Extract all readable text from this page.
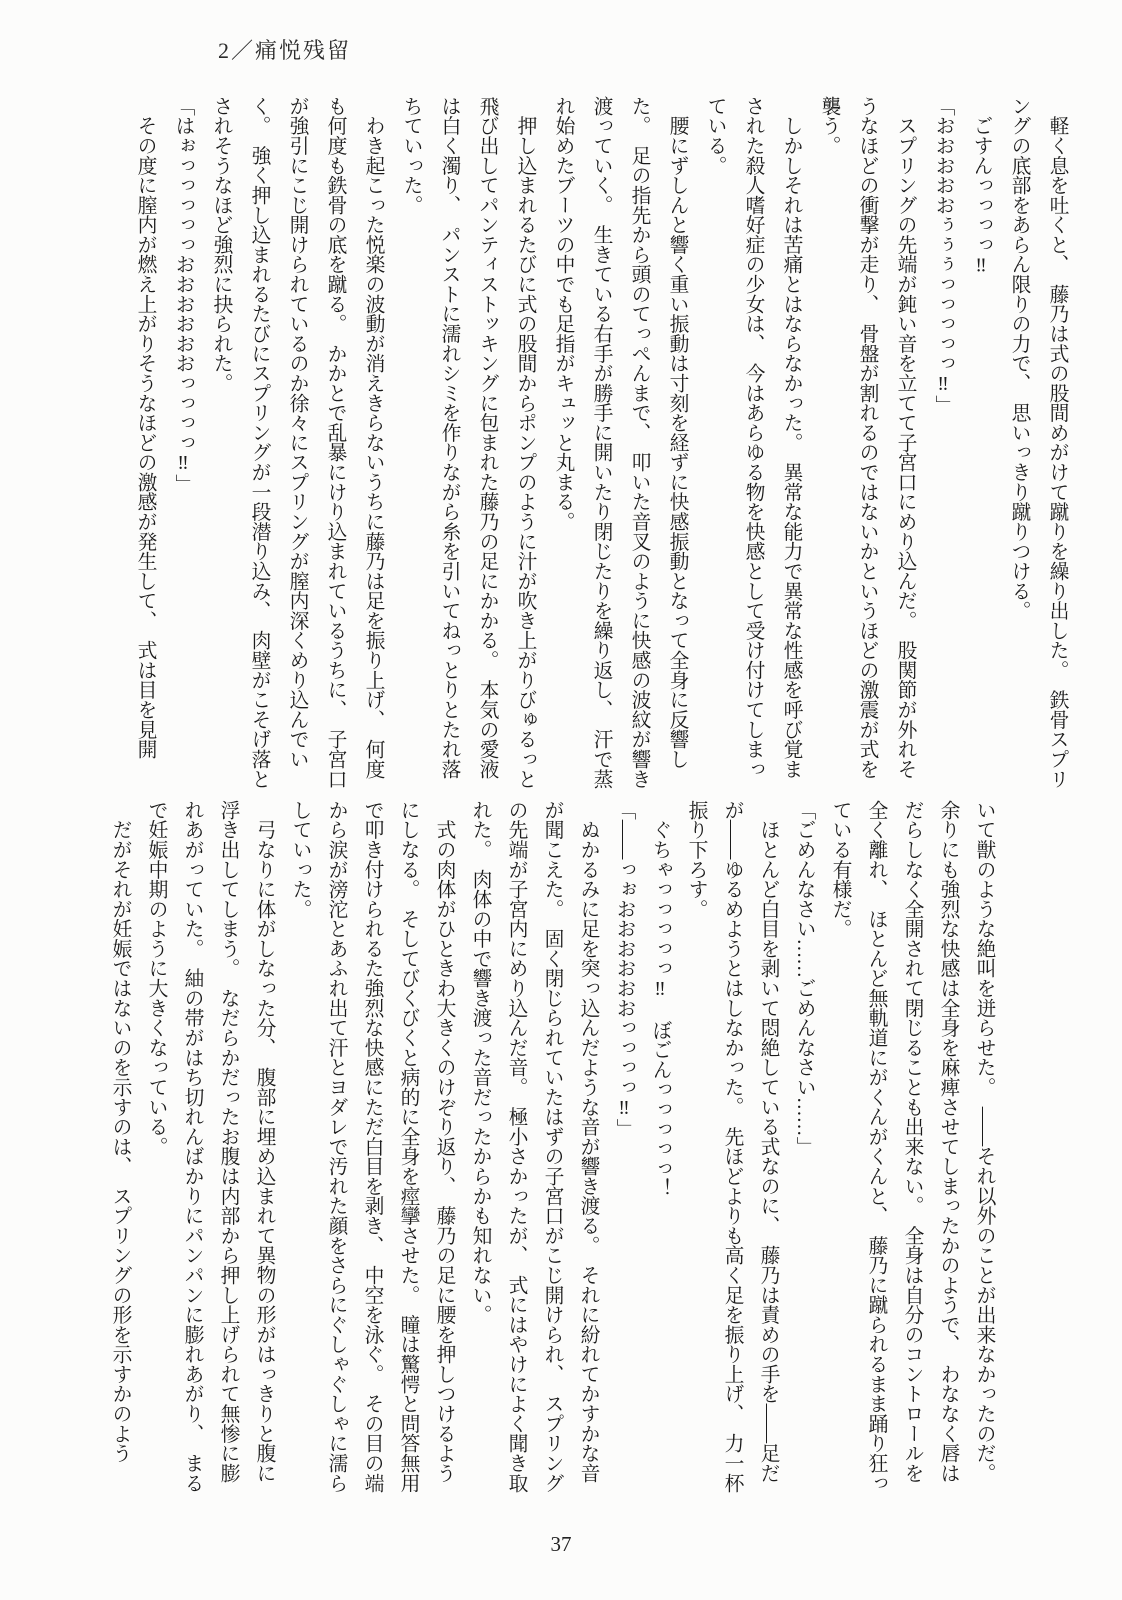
2／痛悦残留

　軽く息を吐くと、　藤乃は式の股間めがけて蹴りを繰り出した。　鉄骨スプリングの底部をあらん限りの力で、　思いっきり蹴りつける。

　ごすんっっっっ‼

「おおおおおぅぅぅっっっっっ‼」

　スプリングの先端が鈍い音を立てて子宮口にめり込んだ。　股関節が外れそうなほどの衝撃が走り、　骨盤が割れるのではないかというほどの激震が式を襲う。

　しかしそれは苦痛とはならなかった。　異常な能力で異常な性感を呼び覚まされた殺人嗜好症の少女は、　今はあらゆる物を快感として受け付けてしまっている。

　腰にずしんと響く重い振動は寸刻を経ずに快感振動となって全身に反響した。　足の指先から頭のてっぺんまで、　叩いた音叉のように快感の波紋が響き渡っていく。　生きている右手が勝手に開いたり閉じたりを繰り返し、　汗で蒸れ始めたブーツの中でも足指がキュッと丸まる。

　押し込まれるたびに式の股間からポンプのように汁が吹き上がりびゅるっと飛び出してパンティストッキングに包まれた藤乃の足にかかる。　本気の愛液は白く濁り、　パンストに濡れシミを作りながら糸を引いてねっとりとたれ落ちていった。

　わき起こった悦楽の波動が消えきらないうちに藤乃は足を振り上げ、　何度も何度も鉄骨の底を蹴る。　かかとで乱暴にけり込まれているうちに、　子宮口が強引にこじ開けられているのか徐々にスプリングが膣内深くめり込んでいく。　強く押し込まれるたびにスプリングが一段潜り込み、　肉壁がこそげ落とされそうなほど強烈に抉られた。

「はぉっっっっっおおおおおおっっっっ‼」

　その度に膣内が燃え上がりそうなほどの激感が発生して、　式は目を見開

いて獣のような絶叫を迸らせた。　――それ以外のことが出来なかったのだ。　余りにも強烈な快感は全身を麻痺させてしまったかのようで、　わななく唇はだらしなく全開されて閉じることも出来ない。　全身は自分のコントロールを全く離れ、　ほとんど無軌道にがくんがくんと、　藤乃に蹴られるまま踊り狂っている有様だ。

「ごめんなさい……ごめんなさい……」

　ほとんど白目を剥いて悶絶している式なのに、　藤乃は責めの手を――足だが――ゆるめようとはしなかった。　先ほどよりも高く足を振り上げ、　力一杯振り下ろす。

　ぐちゃっっっっっ‼　ぼごんっっっっっ！

「――っぉおおおおおおっっっっ‼」

　ぬかるみに足を突っ込んだような音が響き渡る。　それに紛れてかすかな音が聞こえた。　固く閉じられていたはずの子宮口がこじ開けられ、　スプリングの先端が子宮内にめり込んだ音。　極小さかったが、　式にはやけによく聞き取れた。　肉体の中で響き渡った音だったからかも知れない。

　式の肉体がひときわ大きくのけぞり返り、　藤乃の足に腰を押しつけるようにしなる。　そしてびくびくと病的に全身を痙攣させた。　瞳は驚愕と問答無用で叩き付けられるた強烈な快感にただ白目を剥き、　中空を泳ぐ。　その目の端から涙が滂沱とあふれ出て汗とヨダレで汚れた顔をさらにぐしゃぐしゃに濡らしていった。

　弓なりに体がしなった分、　腹部に埋め込まれて異物の形がはっきりと腹に浮き出してしまう。　なだらかだったお腹は内部から押し上げられて無惨に膨れあがっていた。　紬の帯がはち切れんばかりにパンパンに膨れあがり、　まるで妊娠中期のように大きくなっている。

　だがそれが妊娠ではないのを示すのは、　スプリングの形を示すかのよう

37
